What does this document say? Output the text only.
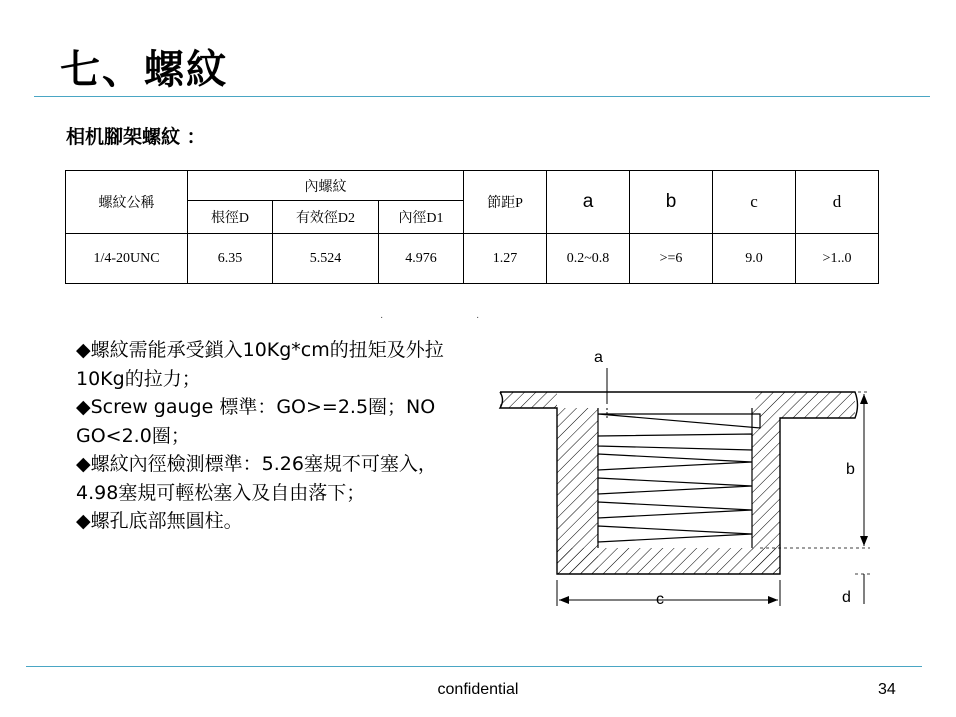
七、螺紋
相机腳架螺紋 ：
螺紋公稱	內螺紋			節距P	a	b	c	d
	根徑D	有效徑D2	內徑D1					
1/4-20UNC	6.35	5.524	4.976	1.27	0.2~0.8	>=6	9.0	>1..0
·	·

◆螺紋需能承受鎖入10Kg*cm的扭矩及外拉10Kg的拉力；

◆Screw gauge 標準：GO>=2.5圈；NO GO<2.0圈；

◆螺紋內徑檢測標準：5.26塞規不可塞入，4.98塞規可輕松塞入及自由落下；

◆螺孔底部無圓柱。

a
b
c	d
confidential	34
